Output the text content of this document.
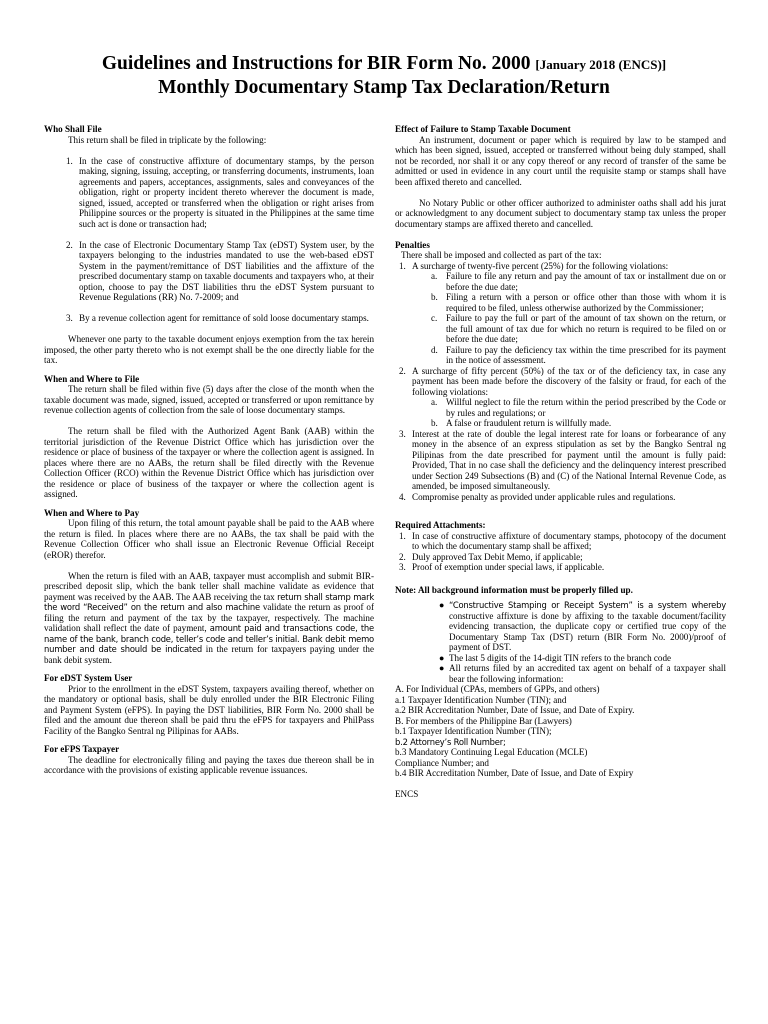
Guidelines and Instructions for BIR Form No. 2000 [January 2018 (ENCS)]
Monthly Documentary Stamp Tax Declaration/Return

Who Shall File

This return shall be filed in triplicate by the following:

1. In the case of constructive affixture of documentary stamps, by the person making, signing, issuing, accepting, or transferring documents, instruments, loan agreements and papers, acceptances, assignments, sales and conveyances of the obligation, right or property incident thereto wherever the document is made, signed, issued, accepted or transferred when the obligation or right arises from Philippine sources or the property is situated in the Philippines at the same time such act is done or transaction had;
2. In the case of Electronic Documentary Stamp Tax (eDST) System user, by the taxpayers belonging to the industries mandated to use the web-based eDST System in the payment/remittance of DST liabilities and the affixture of the prescribed documentary stamp on taxable documents and taxpayers who, at their option, choose to pay the DST liabilities thru the eDST System pursuant to Revenue Regulations (RR) No. 7-2009; and
3. By a revenue collection agent for remittance of sold loose documentary stamps.

Whenever one party to the taxable document enjoys exemption from the tax herein imposed, the other party thereto who is not exempt shall be the one directly liable for the tax.

When and Where to File

The return shall be filed within five (5) days after the close of the month when the taxable document was made, signed, issued, accepted or transferred or upon remittance by revenue collection agents of collection from the sale of loose documentary stamps.

The return shall be filed with the Authorized Agent Bank (AAB) within the territorial jurisdiction of the Revenue District Office which has jurisdiction over the residence or place of business of the taxpayer or where the collection agent is assigned. In places where there are no AABs, the return shall be filed directly with the Revenue Collection Officer (RCO) within the Revenue District Office which has jurisdiction over the residence or place of business of the taxpayer or where the collection agent is assigned.

When and Where to Pay

Upon filing of this return, the total amount payable shall be paid to the AAB where the return is filed. In places where there are no AABs, the tax shall be paid with the Revenue Collection Officer who shall issue an Electronic Revenue Official Receipt (eROR) therefor.

When the return is filed with an AAB, taxpayer must accomplish and submit BIR-prescribed deposit slip, which the bank teller shall machine validate as evidence that payment was received by the AAB. The AAB receiving the tax return shall stamp mark the word “Received” on the return and also machine validate the return as proof of filing the return and payment of the tax by the taxpayer, respectively. The machine validation shall reflect the date of payment, amount paid and transactions code, the name of the bank, branch code, teller’s code and teller’s initial. Bank debit memo number and date should be indicated in the return for taxpayers paying under the bank debit system.

For eDST System User

Prior to the enrollment in the eDST System, taxpayers availing thereof, whether on the mandatory or optional basis, shall be duly enrolled under the BIR Electronic Filing and Payment System (eFPS). In paying the DST liabilities, BIR Form No. 2000 shall be filed and the amount due thereon shall be paid thru the eFPS for taxpayers and PhilPass Facility of the Bangko Sentral ng Pilipinas for AABs.

For eFPS Taxpayer

The deadline for electronically filing and paying the taxes due thereon shall be in accordance with the provisions of existing applicable revenue issuances.

Effect of Failure to Stamp Taxable Document

An instrument, document or paper which is required by law to be stamped and which has been signed, issued, accepted or transferred without being duly stamped, shall not be recorded, nor shall it or any copy thereof or any record of transfer of the same be admitted or used in evidence in any court until the requisite stamp or stamps shall have been affixed thereto and cancelled.

No Notary Public or other officer authorized to administer oaths shall add his jurat or acknowledgment to any document subject to documentary stamp tax unless the proper documentary stamps are affixed thereto and cancelled.

Penalties

There shall be imposed and collected as part of the tax:

1. A surcharge of twenty-five percent (25%) for the following violations:
a. Failure to file any return and pay the amount of tax or installment due on or before the due date;
b. Filing a return with a person or office other than those with whom it is required to be filed, unless otherwise authorized by the Commissioner;
c. Failure to pay the full or part of the amount of tax shown on the return, or the full amount of tax due for which no return is required to be filed on or before the due date;
d. Failure to pay the deficiency tax within the time prescribed for its payment in the notice of assessment.
2. A surcharge of fifty percent (50%) of the tax or of the deficiency tax, in case any payment has been made before the discovery of the falsity or fraud, for each of the following violations:
a. Willful neglect to file the return within the period prescribed by the Code or by rules and regulations; or
b. A false or fraudulent return is willfully made.
3. Interest at the rate of double the legal interest rate for loans or forbearance of any money in the absence of an express stipulation as set by the Bangko Sentral ng Pilipinas from the date prescribed for payment until the amount is fully paid: Provided, That in no case shall the deficiency and the delinquency interest prescribed under Section 249 Subsections (B) and (C) of the National Internal Revenue Code, as amended, be imposed simultaneously.
4. Compromise penalty as provided under applicable rules and regulations.

Required Attachments:

1. In case of constructive affixture of documentary stamps, photocopy of the document to which the documentary stamp shall be affixed;
2. Duly approved Tax Debit Memo, if applicable;
3. Proof of exemption under special laws, if applicable.

Note: All background information must be properly filled up.

● “Constructive Stamping or Receipt System” is a system whereby constructive affixture is done by affixing to the taxable document/facility evidencing transaction, the duplicate copy or certified true copy of the Documentary Stamp Tax (DST) return (BIR Form No. 2000)/proof of payment of DST.
● The last 5 digits of the 14-digit TIN refers to the branch code
● All returns filed by an accredited tax agent on behalf of a taxpayer shall bear the following information:

A. For Individual (CPAs, members of GPPs, and others)

a.1 Taxpayer Identification Number (TIN); and

a.2 BIR Accreditation Number, Date of Issue, and Date of Expiry.

B. For members of the Philippine Bar (Lawyers)

b.1 Taxpayer Identification Number (TIN);

b.2 Attorney’s Roll Number;

b.3 Mandatory Continuing Legal Education (MCLE)

Compliance Number; and

b.4 BIR Accreditation Number, Date of Issue, and Date of Expiry

ENCS
